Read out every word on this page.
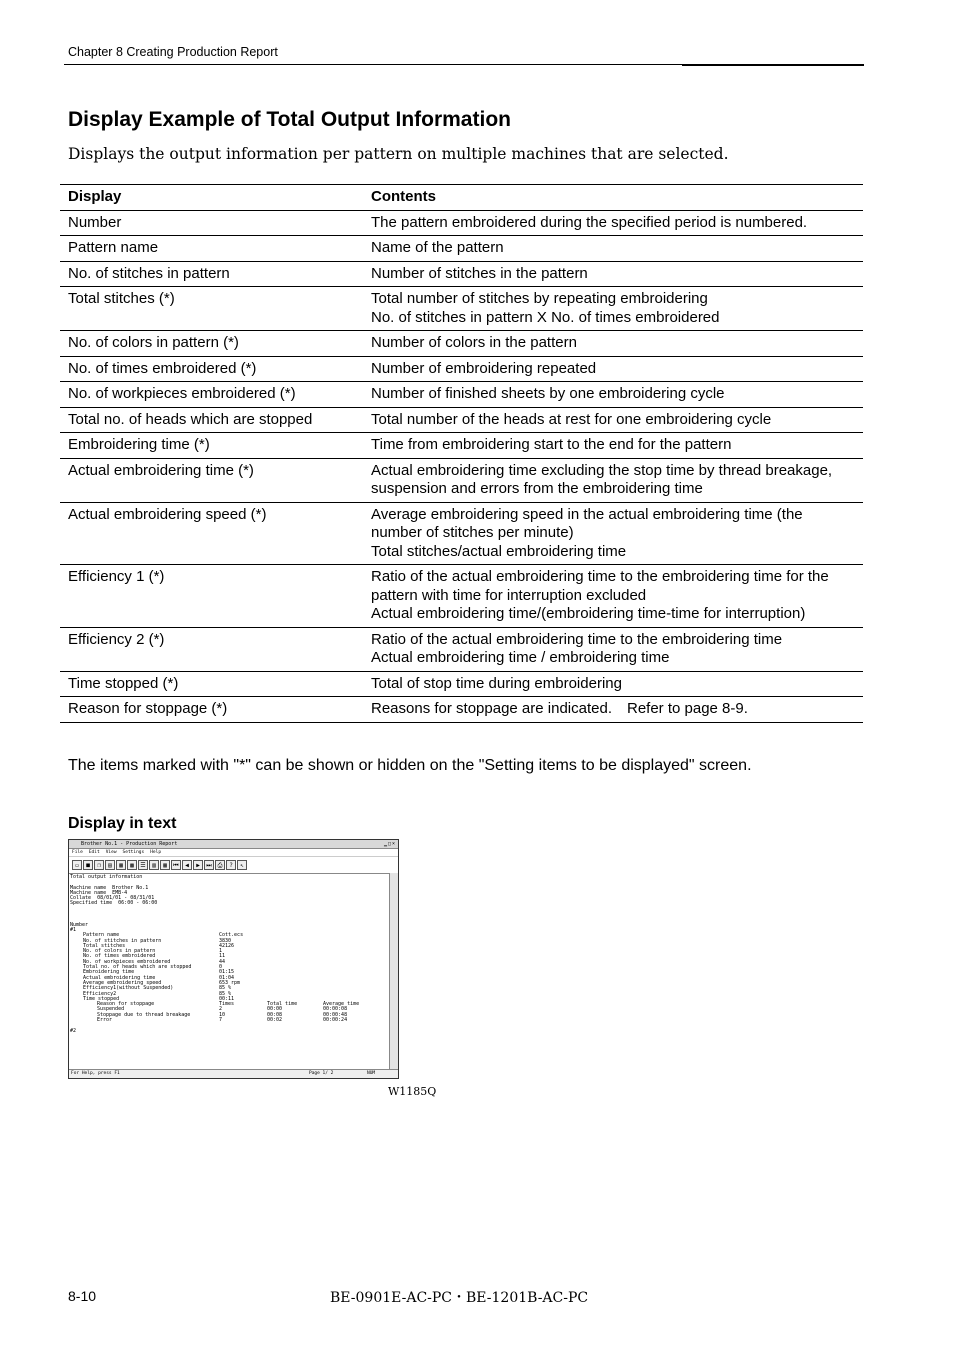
Chapter 8 Creating Production Report
Display Example of Total Output Information
Displays the output information per pattern on multiple machines that are selected.
Display	Contents
Number	The pattern embroidered during the specified period is numbered.

Pattern name	Name of the pattern

No. of stitches in pattern	Number of stitches in the pattern

Total stitches (*)	Total number of stitches by repeating embroidering
No. of stitches in pattern X No. of times embroidered

No. of colors in pattern (*)	Number of colors in the pattern

No. of times embroidered (*)	Number of embroidering repeated

No. of workpieces embroidered (*)	Number of finished sheets by one embroidering cycle

Total no. of heads which are stopped	Total number of the heads at rest for one embroidering cycle

Embroidering time (*)	Time from embroidering start to the end for the pattern

Actual embroidering time (*)	Actual embroidering time excluding the stop time by thread breakage, suspension and errors from the embroidering time

Actual embroidering speed (*)	Average embroidering speed in the actual embroidering time (the number of stitches per minute)
Total stitches/actual embroidering time

Efficiency 1 (*)	Ratio of the actual embroidering time to the embroidering time for the pattern with time for interruption excluded
Actual embroidering time/(embroidering time-time for interruption)

Efficiency 2 (*)	Ratio of the actual embroidering time to the embroidering time
Actual embroidering time / embroidering time

Time stopped (*)	Total of stop time during embroidering

Reason for stoppage (*)	Reasons for stoppage are indicated.　Refer to page 8-9.
The items marked with "*" can be shown or hidden on the "Setting items to be displayed" screen.
Display in text
Brother No.1 - Production Report	▁□×
File Edit View Settings Help
▭	■	❐	▤	▦	▩	☰	▥	▦	⏮	◀	▶	⏭ ⎙	?	↖
Total output information
Machine name  Brother No.1
Machine name  EMB-4
Collate  08/01/01 - 08/31/01
Specified time  06:00 - 06:00
Number
#1
Pattern name	Cott.ecs
No. of stitches in pattern	3830
Total stitches	42126
No. of colors in pattern	1
No. of times embroidered	11
No. of workpieces embroidered	44
Total no. of heads which are stopped	0
Embroidering time	01:15
Actual embroidering time	01:04
Average embroidering speed	653 rpm
Efficiency1(without Suspended)	85 %
Efficiency2	85 %
Time stopped	00:11
Reason for stoppage	Times	Total time	Average time
Suspended	2	00:00	00:00:08
Stoppage due to thread breakage	10	00:08	00:00:48
Error	7	00:02	00:00:24
#2
For Help, press F1	Page 1/ 2	NUM
W1185Q
8-10	BE-0901E-AC-PC・BE-1201B-AC-PC
